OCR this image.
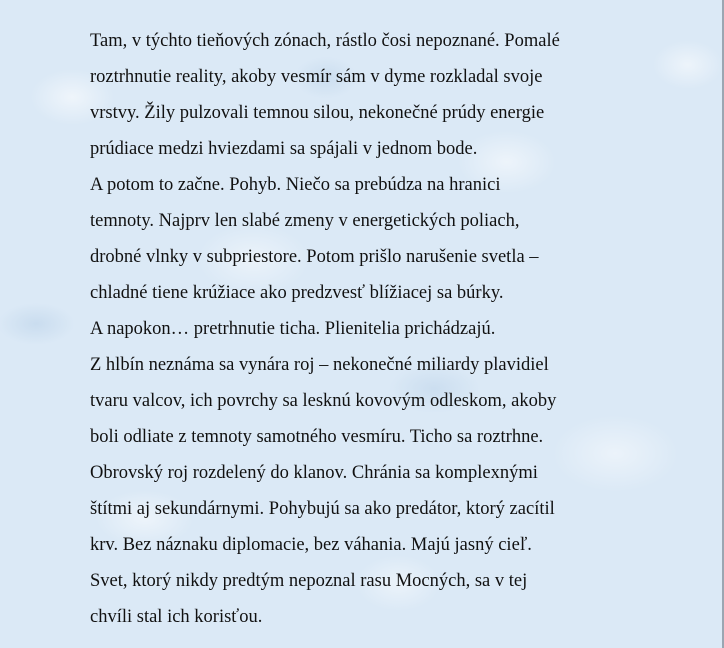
Tam, v týchto tieňových zónach, rástlo čosi nepoznané. Pomalé
roztrhnutie reality, akoby vesmír sám v dyme rozkladal svoje
vrstvy. Žily pulzovali temnou silou, nekonečné prúdy energie
prúdiace medzi hviezdami sa spájali v jednom bode.
A potom to začne. Pohyb. Niečo sa prebúdza na hranici
temnoty. Najprv len slabé zmeny v energetických poliach,
drobné vlnky v subpriestore. Potom prišlo narušenie svetla –
chladné tiene krúžiace ako predzvesť blížiacej sa búrky.
A napokon… pretrhnutie ticha. Plienitelia prichádzajú.
Z hlbín neznáma sa vynára roj – nekonečné miliardy plavidiel
tvaru valcov, ich povrchy sa lesknú kovovým odleskom, akoby
boli odliate z temnoty samotného vesmíru. Ticho sa roztrhne.
Obrovský roj rozdelený do klanov. Chránia sa komplexnými
štítmi aj sekundárnymi. Pohybujú sa ako predátor, ktorý zacítil
krv. Bez náznaku diplomacie, bez váhania. Majú jasný cieľ.
Svet, ktorý nikdy predtým nepoznal rasu Mocných, sa v tej
chvíli stal ich korisťou.
